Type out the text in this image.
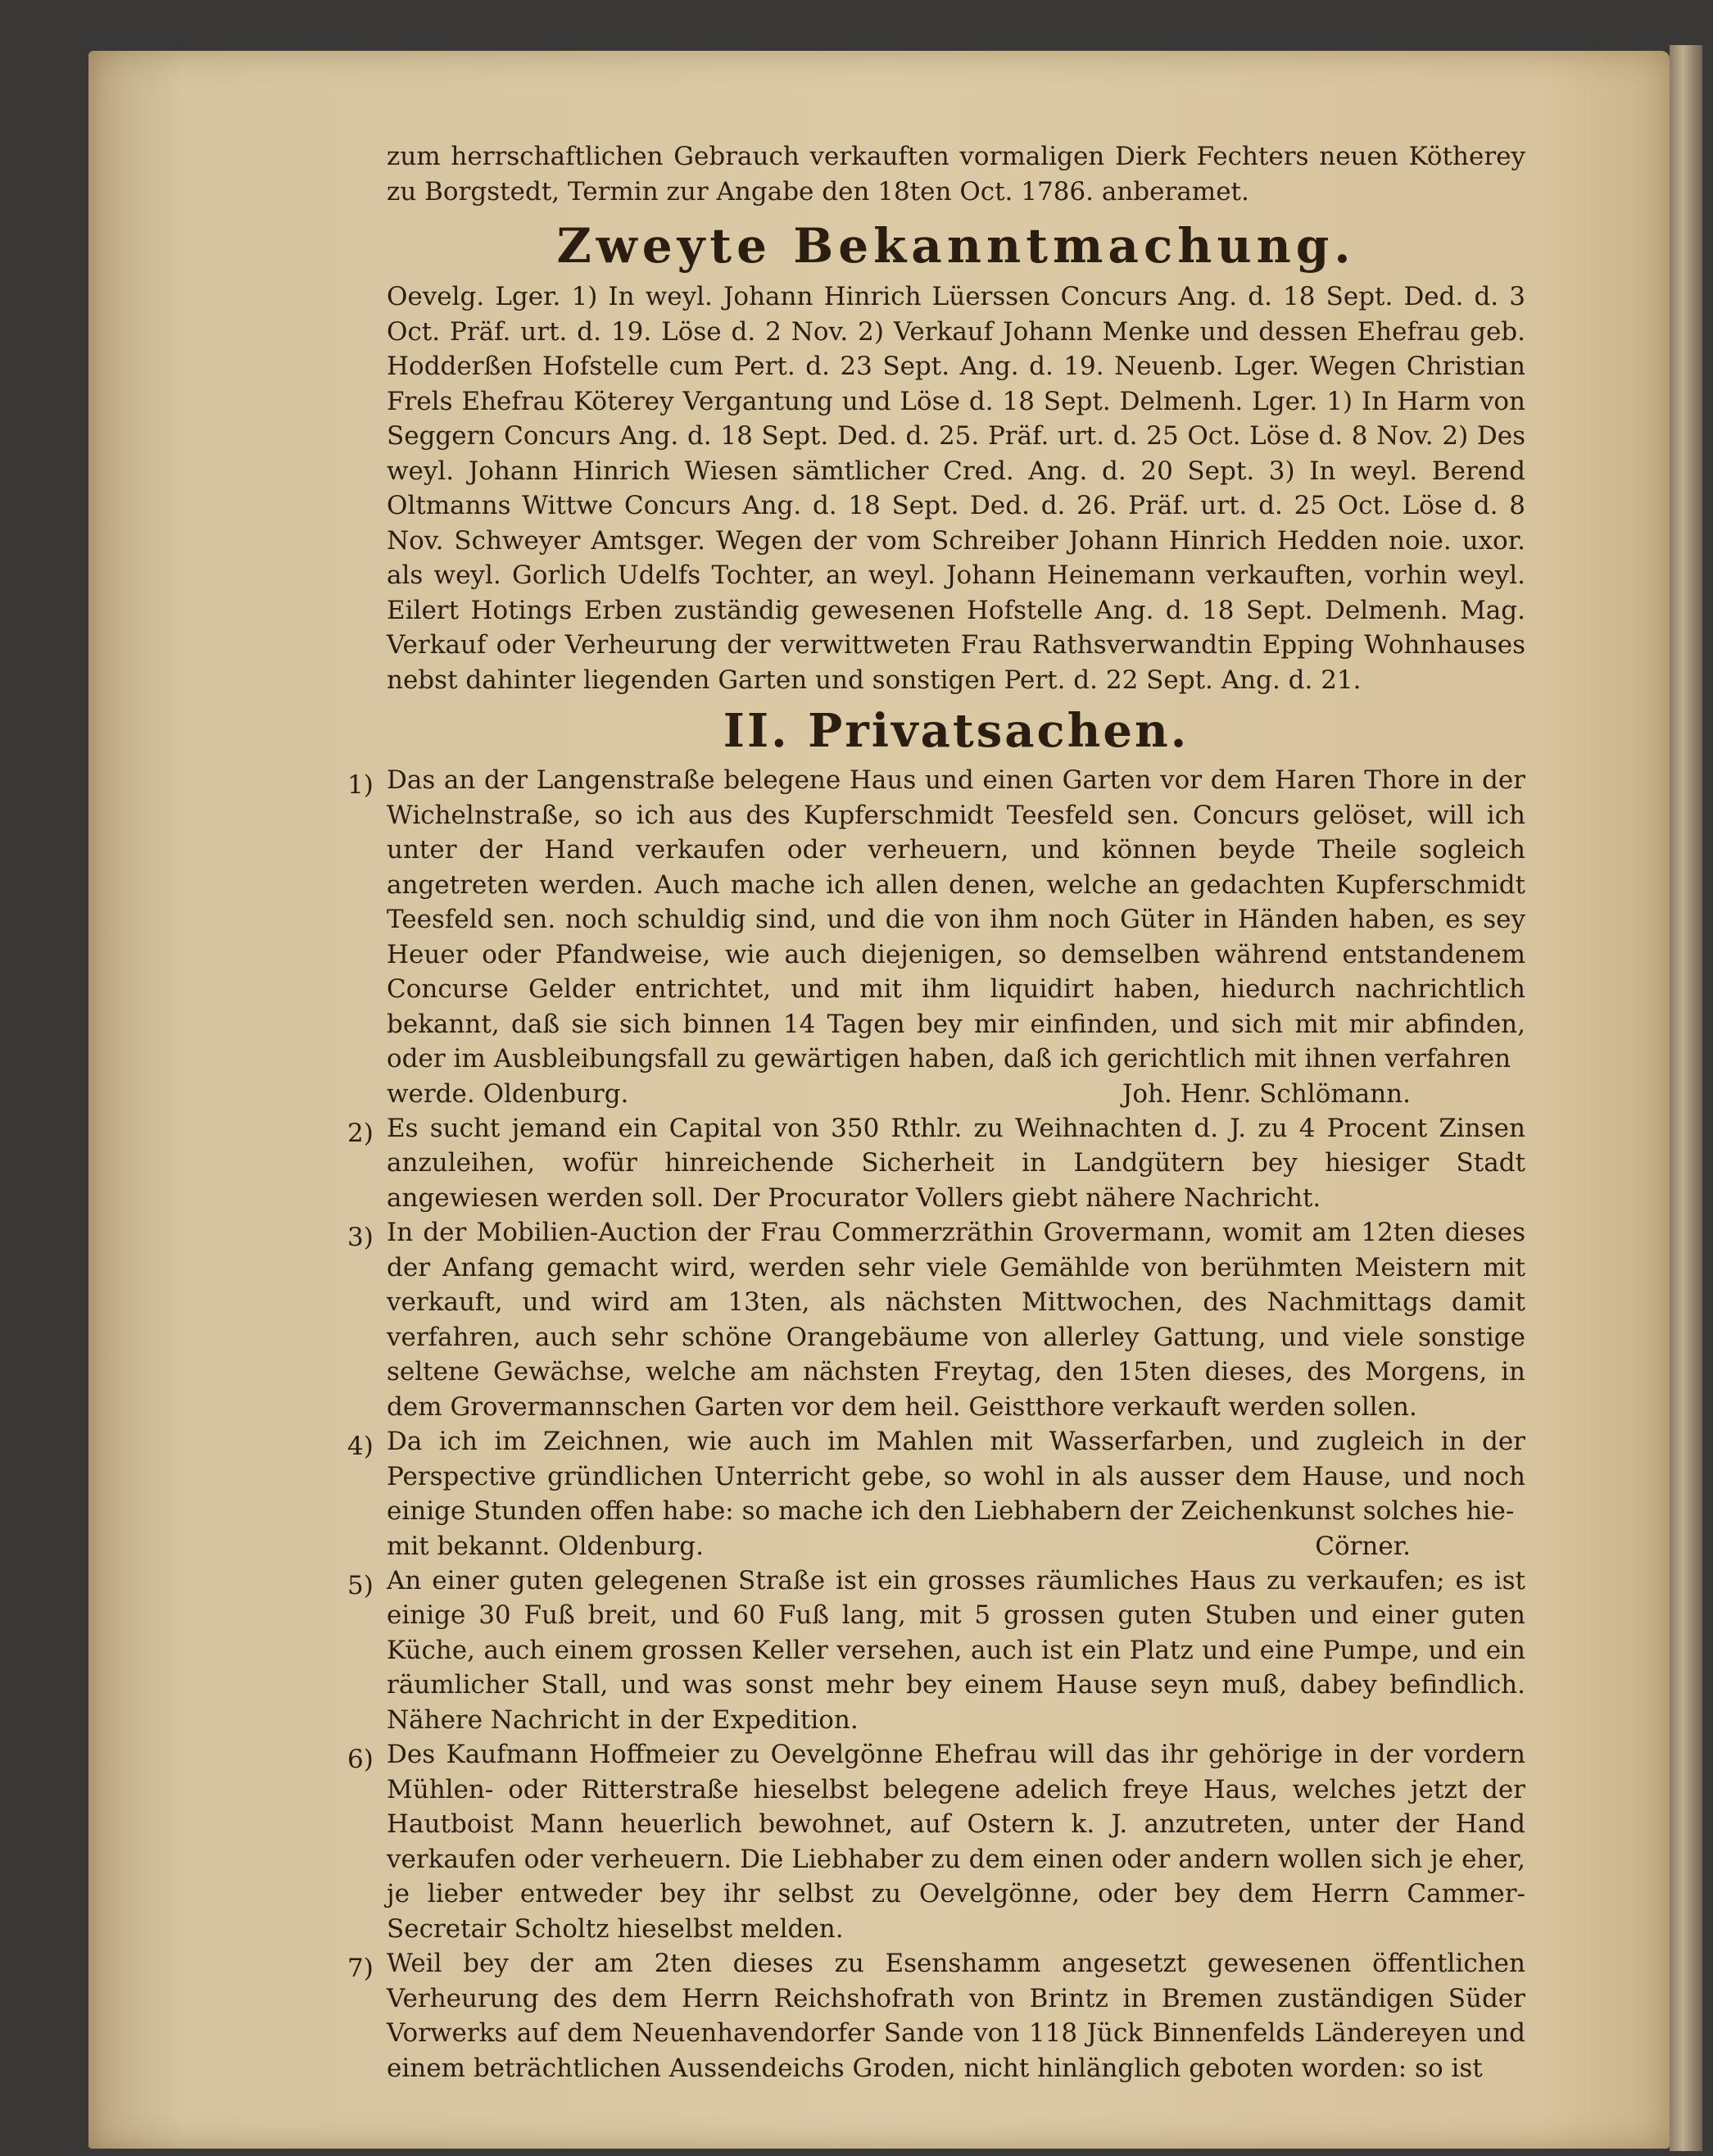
zum herrschaftlichen Gebrauch verkauften vormaligen Dierk Fechters neuen Kötherey zu Borgstedt, Termin zur Angabe den 18ten Oct. 1786. anberamet.

Zweyte Bekanntmachung.

Oevelg. Lger. 1) In weyl. Johann Hinrich Lüerssen Concurs Ang. d. 18 Sept. Ded. d. 3 Oct. Präf. urt. d. 19. Löse d. 2 Nov. 2) Verkauf Johann Menke und dessen Ehefrau geb. Hodderßen Hofstelle cum Pert. d. 23 Sept. Ang. d. 19. Neuenb. Lger. Wegen Christian Frels Ehefrau Köterey Vergantung und Löse d. 18 Sept. Delmenh. Lger. 1) In Harm von Seggern Concurs Ang. d. 18 Sept. Ded. d. 25. Präf. urt. d. 25 Oct. Löse d. 8 Nov. 2) Des weyl. Johann Hinrich Wiesen sämtlicher Cred. Ang. d. 20 Sept. 3) In weyl. Berend Oltmanns Wittwe Concurs Ang. d. 18 Sept. Ded. d. 26. Präf. urt. d. 25 Oct. Löse d. 8 Nov. Schweyer Amtsger. Wegen der vom Schreiber Johann Hinrich Hedden noie. uxor. als weyl. Gorlich Udelfs Tochter, an weyl. Johann Heinemann verkauften, vorhin weyl. Eilert Hotings Erben zuständig gewesenen Hofstelle Ang. d. 18 Sept. Delmenh. Mag. Verkauf oder Verheurung der verwittweten Frau Rathsverwandtin Epping Wohnhauses nebst dahinter liegenden Garten und sonstigen Pert. d. 22 Sept. Ang. d. 21.

II. Privatsachen.
1) Das an der Langenstraße belegene Haus und einen Garten vor dem Haren Thore in der Wichelnstraße, so ich aus des Kupferschmidt Teesfeld sen. Concurs gelöset, will ich unter der Hand verkaufen oder verheuern, und können beyde Theile sogleich angetreten werden. Auch mache ich allen denen, welche an gedachten Kupferschmidt Teesfeld sen. noch schuldig sind, und die von ihm noch Güter in Händen haben, es sey Heuer oder Pfandweise, wie auch diejenigen, so demselben während entstandenem Concurse Gelder entrichtet, und mit ihm liquidirt haben, hiedurch nachrichtlich bekannt, daß sie sich binnen 14 Tagen bey mir einfinden, und sich mit mir abfinden, oder im Ausbleibungsfall zu gewärtigen haben, daß ich gerichtlich mit ihnen verfahren

werde. Oldenburg.	Joh. Henr. Schlömann.
2) Es sucht jemand ein Capital von 350 Rthlr. zu Weihnachten d. J. zu 4 Procent Zinsen anzuleihen, wofür hinreichende Sicherheit in Landgütern bey hiesiger Stadt angewiesen werden soll. Der Procurator Vollers giebt nähere Nachricht.

3) In der Mobilien-Auction der Frau Commerzräthin Grovermann, womit am 12ten dieses der Anfang gemacht wird, werden sehr viele Gemählde von berühmten Meistern mit verkauft, und wird am 13ten, als nächsten Mittwochen, des Nachmittags damit verfahren, auch sehr schöne Orangebäume von allerley Gattung, und viele sonstige seltene Gewächse, welche am nächsten Freytag, den 15ten dieses, des Morgens, in dem Grovermannschen Garten vor dem heil. Geistthore verkauft werden sollen.

4) Da ich im Zeichnen, wie auch im Mahlen mit Wasserfarben, und zugleich in der Perspective gründlichen Unterricht gebe, so wohl in als ausser dem Hause, und noch einige Stunden offen habe: so mache ich den Liebhabern der Zeichenkunst solches hie-

mit bekannt. Oldenburg.	Cörner.
5) An einer guten gelegenen Straße ist ein grosses räumliches Haus zu verkaufen; es ist einige 30 Fuß breit, und 60 Fuß lang, mit 5 grossen guten Stuben und einer guten Küche, auch einem grossen Keller versehen, auch ist ein Platz und eine Pumpe, und ein räumlicher Stall, und was sonst mehr bey einem Hause seyn muß, dabey befindlich. Nähere Nachricht in der Expedition.

6) Des Kaufmann Hoffmeier zu Oevelgönne Ehefrau will das ihr gehörige in der vordern Mühlen- oder Ritterstraße hieselbst belegene adelich freye Haus, welches jetzt der Hautboist Mann heuerlich bewohnet, auf Ostern k. J. anzutreten, unter der Hand verkaufen oder verheuern. Die Liebhaber zu dem einen oder andern wollen sich je eher, je lieber entweder bey ihr selbst zu Oevelgönne, oder bey dem Herrn Cammer-Secretair Scholtz hieselbst melden.

7) Weil bey der am 2ten dieses zu Esenshamm angesetzt gewesenen öffentlichen Verheurung des dem Herrn Reichshofrath von Brintz in Bremen zuständigen Süder Vorwerks auf dem Neuenhavendorfer Sande von 118 Jück Binnenfelds Ländereyen und einem beträchtlichen Aussendeichs Groden, nicht hinlänglich geboten worden: so ist
